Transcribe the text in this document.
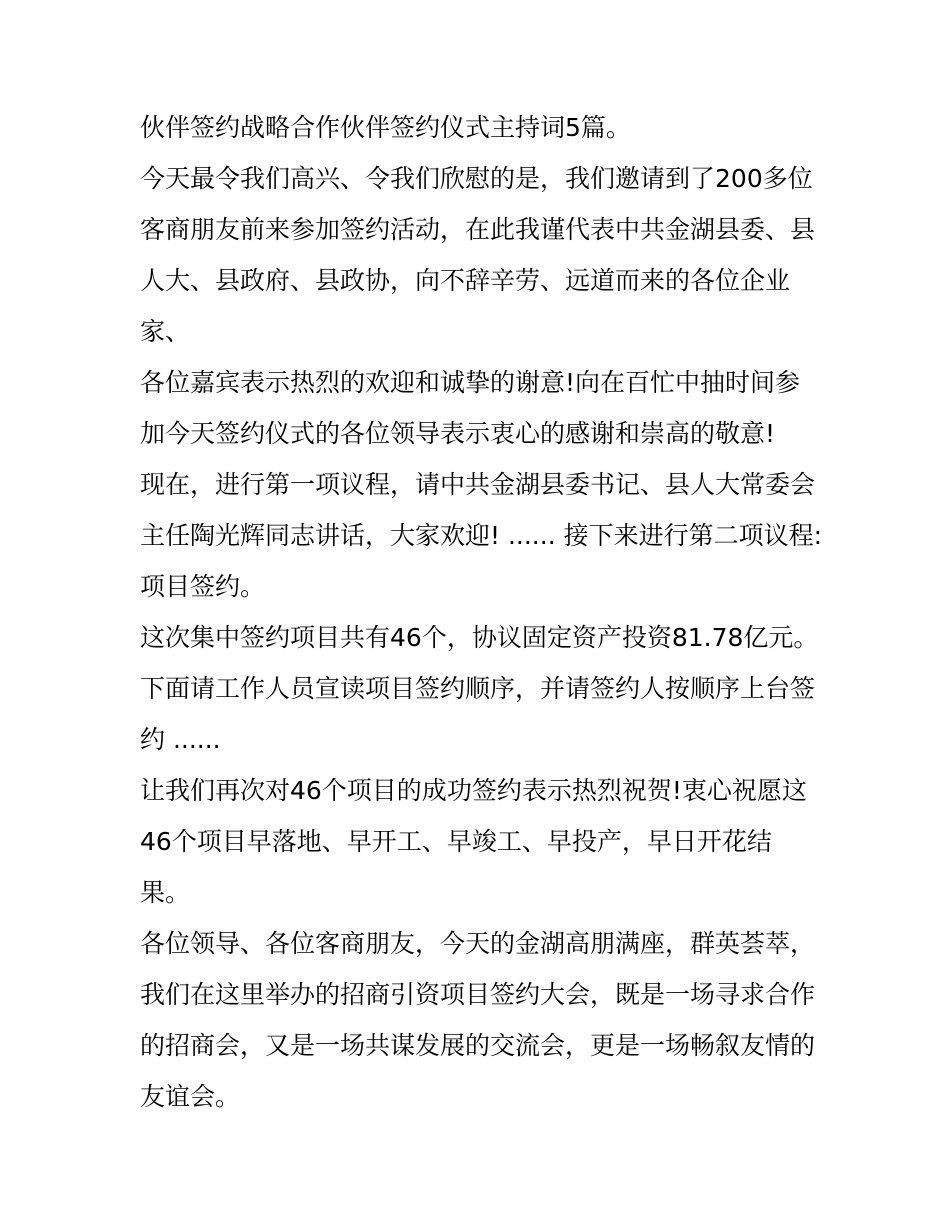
伙伴签约战略合作伙伴签约仪式主持词5篇。
今天最令我们高兴、令我们欣慰的是，我们邀请到了200多位
客商朋友前来参加签约活动，在此我谨代表中共金湖县委、县
人大、县政府、县政协，向不辞辛劳、远道而来的各位企业
家、
各位嘉宾表示热烈的欢迎和诚挚的谢意!向在百忙中抽时间参
加今天签约仪式的各位领导表示衷心的感谢和崇高的敬意!
现在，进行第一项议程，请中共金湖县委书记、县人大常委会
主任陶光辉同志讲话，大家欢迎! ...... 接下来进行第二项议程:
项目签约。
这次集中签约项目共有46个，协议固定资产投资81.78亿元。
下面请工作人员宣读项目签约顺序，并请签约人按顺序上台签
约 ......
让我们再次对46个项目的成功签约表示热烈祝贺!衷心祝愿这
46个项目早落地、早开工、早竣工、早投产，早日开花结
果。
各位领导、各位客商朋友，今天的金湖高朋满座，群英荟萃，
我们在这里举办的招商引资项目签约大会，既是一场寻求合作
的招商会，又是一场共谋发展的交流会，更是一场畅叙友情的
友谊会。
